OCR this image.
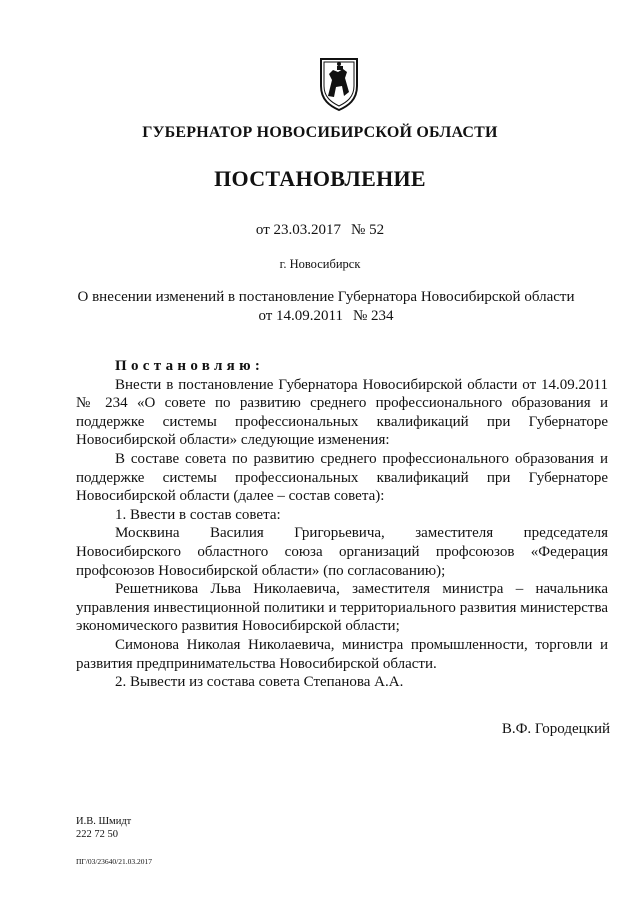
ГУБЕРНАТОР НОВОСИБИРСКОЙ ОБЛАСТИ
ПОСТАНОВЛЕНИЕ
от 23.03.2017 № 52
г. Новосибирск
О внесении изменений в постановление Губернатора Новосибирской области
от 14.09.2011 № 234

Постановляю:

Внести в постановление Губернатора Новосибирской области от 14.09.2011 № 234 «О совете по развитию среднего профессионального образования и поддержке системы профессиональных квалификаций при Губернаторе Новосибирской области» следующие изменения:

В составе совета по развитию среднего профессионального образования и поддержке системы профессиональных квалификаций при Губернаторе Новосибирской области (далее – состав совета):

1. Ввести в состав совета:

Москвина Василия Григорьевича, заместителя председателя Новосибирского областного союза организаций профсоюзов «Федерация профсоюзов Новосибирской области» (по согласованию);

Решетникова Льва Николаевича, заместителя министра – начальника управления инвестиционной политики и территориального развития министерства экономического развития Новосибирской области;

Симонова Николая Николаевича, министра промышленности, торговли и развития предпринимательства Новосибирской области.

2. Вывести из состава совета Степанова А.А.

В.Ф. Городецкий
И.В. Шмидт
222 72 50
ПГ/03/23640/21.03.2017
